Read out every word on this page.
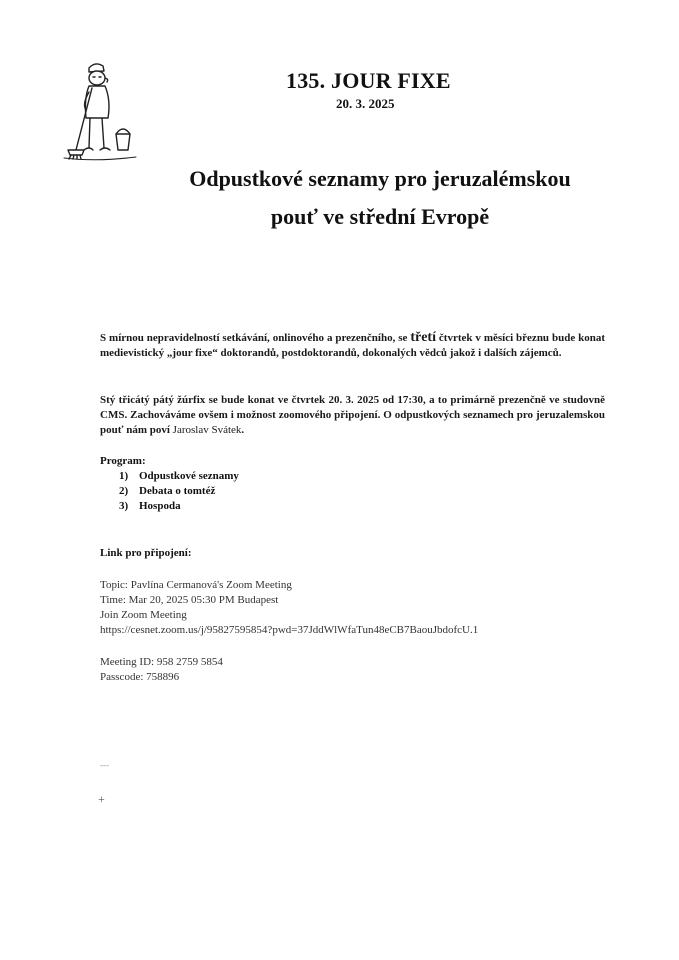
135. JOUR FIXE
20. 3. 2025
Odpustkové seznamy pro jeruzalémskou
pouť ve střední Evropě
S mírnou nepravidelností setkávání, onlinového a prezenčního, se třetí čtvrtek v měsíci březnu bude konat medievistický „jour fixe“ doktorandů, postdoktorandů, dokonalých vědců jakož i dalších zájemců.
Stý třicátý pátý žúrfix se bude konat ve čtvrtek 20. 3. 2025 od 17:30, a to primárně prezenčně ve studovně CMS. Zachováváme ovšem i možnost zoomového připojení. O odpustkových seznamech pro jeruzalemskou pouť nám poví Jaroslav Svátek.
Program:
1) Odpustkové seznamy
2) Debata o tomtéž
3) Hospoda
Link pro připojení:
Topic: Pavlína Cermanová's Zoom Meeting
Time: Mar 20, 2025 05:30 PM Budapest
Join Zoom Meeting
https://cesnet.zoom.us/j/95827595854?pwd=37JddWlWfaTun48eCB7BaouJbdofcU.1
Meeting ID: 958 2759 5854
Passcode: 758896
---
+
